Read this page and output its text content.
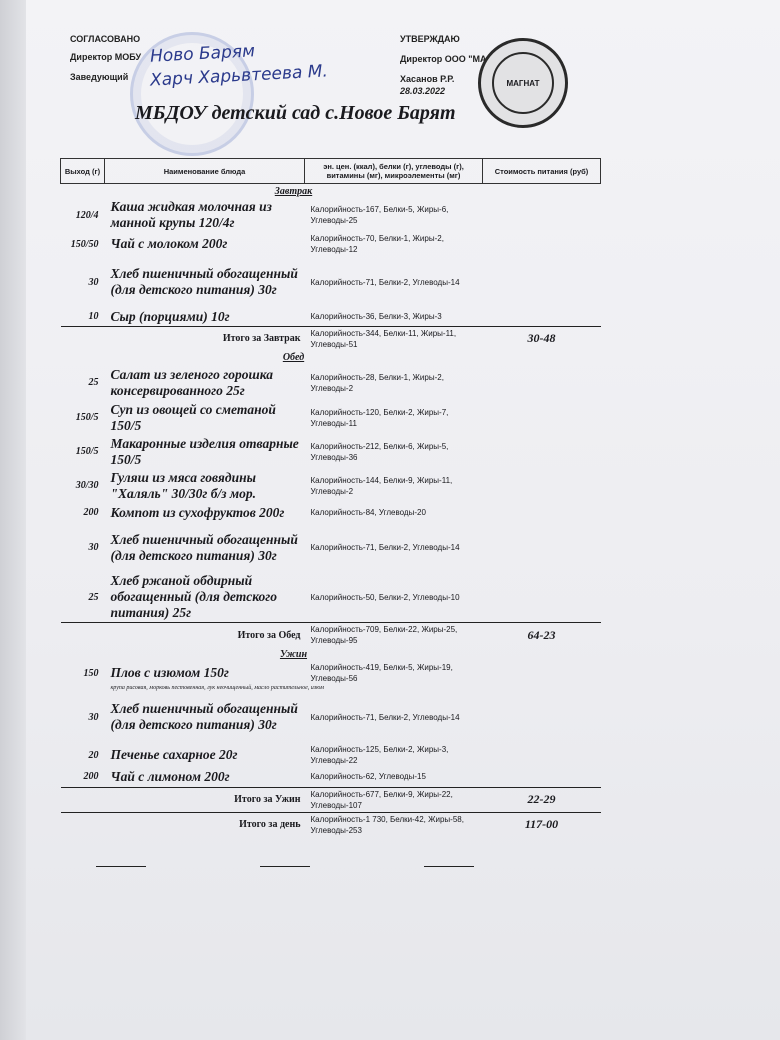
СОГЛАСОВАНО
Директор МОБУ
Заведующий
Ново Барям
Харч Харьвтеева М.
УТВЕРЖДАЮ
Директор ООО "МА
Хасанов Р.Р.
28.03.2022
МАГНАТ
МБДОУ детский сад с.Новое Барят
Выход (г)	Наименование блюда	эн. цен. (ккал), белки (г), углеводы (г), витамины (мг), микроэлементы (мг)	Стоимость питания (руб)
	Завтрак		
120/4	Каша жидкая молочная из манной крупы 120/4г	Калорийность-167, Белки-5, Жиры-6, Углеводы-25	
150/50	Чай с молоком 200г	Калорийность-70, Белки-1, Жиры-2, Углеводы-12	
30	Хлеб пшеничный обогащенный (для детского питания) 30г	Калорийность-71, Белки-2, Углеводы-14	
10	Сыр (порциями) 10г	Калорийность-36, Белки-3, Жиры-3	
Итого за Завтрак		Калорийность-344, Белки-11, Жиры-11, Углеводы-51	30-48
	Обед		
25	Салат из зеленого горошка консервированного 25г	Калорийность-28, Белки-1, Жиры-2, Углеводы-2	
150/5	Суп из овощей со сметаной 150/5	Калорийность-120, Белки-2, Жиры-7, Углеводы-11	
150/5	Макаронные изделия отварные 150/5	Калорийность-212, Белки-6, Жиры-5, Углеводы-36	
30/30	Гуляш из мяса говядины "Халяль" 30/30г б/з мор.	Калорийность-144, Белки-9, Жиры-11, Углеводы-2	
200	Компот из сухофруктов 200г	Калорийность-84, Углеводы-20	
30	Хлеб пшеничный обогащенный (для детского питания) 30г	Калорийность-71, Белки-2, Углеводы-14	
25	Хлеб ржаной обдирный обогащенный (для детского питания) 25г	Калорийность-50, Белки-2, Углеводы-10	
Итого за Обед		Калорийность-709, Белки-22, Жиры-25, Углеводы-95	64-23
	Ужин		
150	Плов с изюмом 150г	Калорийность-419, Белки-5, Жиры-19, Углеводы-56	
	крупа рисовая, морковь пестовенная, лук неочищенный, масло растительное, изюм		
30	Хлеб пшеничный обогащенный (для детского питания) 30г	Калорийность-71, Белки-2, Углеводы-14	
20	Печенье сахарное 20г	Калорийность-125, Белки-2, Жиры-3, Углеводы-22	
200	Чай с лимоном 200г	Калорийность-62, Углеводы-15	
Итого за Ужин		Калорийность-677, Белки-9, Жиры-22, Углеводы-107	22-29
Итого за день		Калорийность-1 730, Белки-42, Жиры-58, Углеводы-253	117-00
